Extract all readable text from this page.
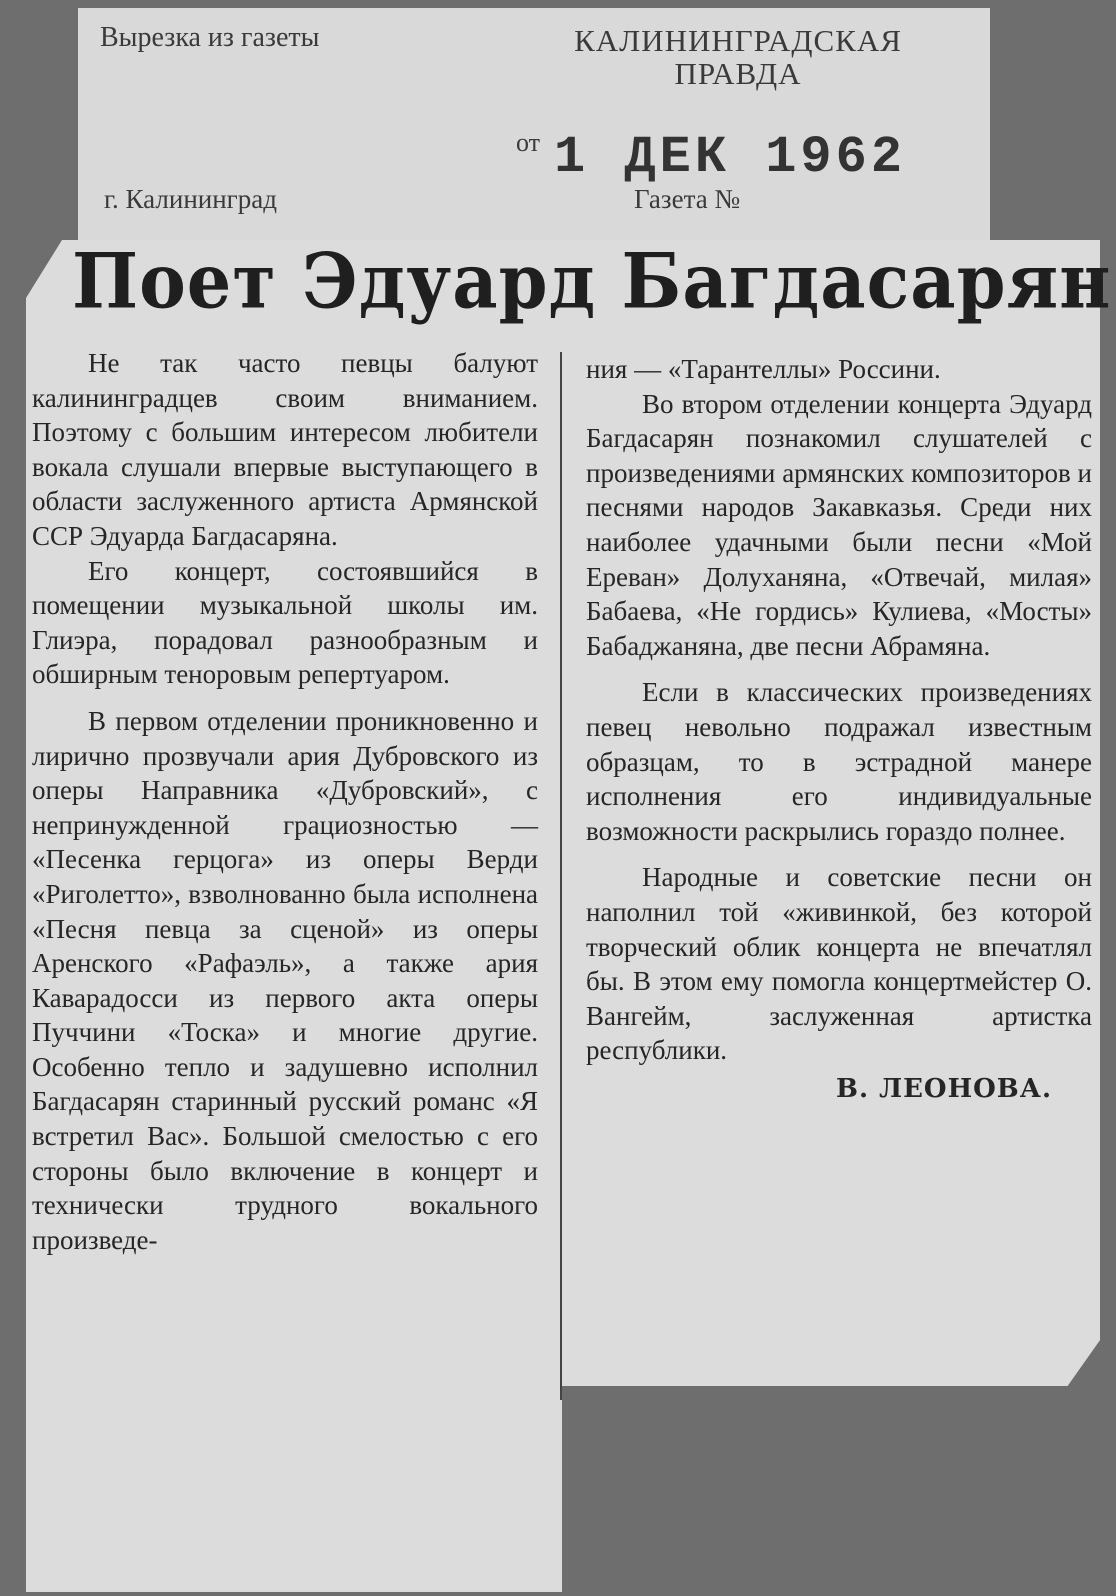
Вырезка из газеты	КАЛИНИНГРАДСКАЯ
ПРАВДА
от 1 ДЕК 1962
г. Калининград	Газета №
Поет Эдуард Багдасарян

Не так часто певцы балуют калининградцев своим вниманием. Поэтому с большим интересом любители вокала слушали впервые выступающего в области заслуженного артиста Армянской ССР Эдуарда Багдасаряна.

Его концерт, состоявшийся в помещении музыкальной школы им. Глиэра, порадовал разнообразным и обширным теноровым репертуаром.

В первом отделении проникновенно и лирично прозвучали ария Дубровского из оперы Направника «Дубровский», с непринужденной грациозностью — «Песенка герцога» из оперы Верди «Риголетто», взволнованно была исполнена «Песня певца за сценой» из оперы Аренского «Рафаэль», а также ария Каварадосси из первого акта оперы Пуччини «Тоска» и многие другие. Особенно тепло и задушевно исполнил Багдасарян старинный русский романс «Я встретил Вас». Большой смелостью с его стороны было включение в концерт и технически трудного вокального произведе-

ния — «Тарантеллы» Россини.

Во втором отделении концерта Эдуард Багдасарян познакомил слушателей с произведениями армянских композиторов и песнями народов Закавказья. Среди них наиболее удачными были песни «Мой Ереван» Долуханяна, «Отвечай, милая» Бабаева, «Не гордись» Кулиева, «Мосты» Бабаджаняна, две песни Абрамяна.

Если в классических произведениях певец невольно подражал известным образцам, то в эстрадной манере исполнения его индивидуальные возможности раскрылись гораздо полнее.

Народные и советские песни он наполнил той «живинкой, без которой творческий облик концерта не впечатлял бы. В этом ему помогла концертмейстер О. Вангейм, заслуженная артистка республики.

В. ЛЕОНОВА.
